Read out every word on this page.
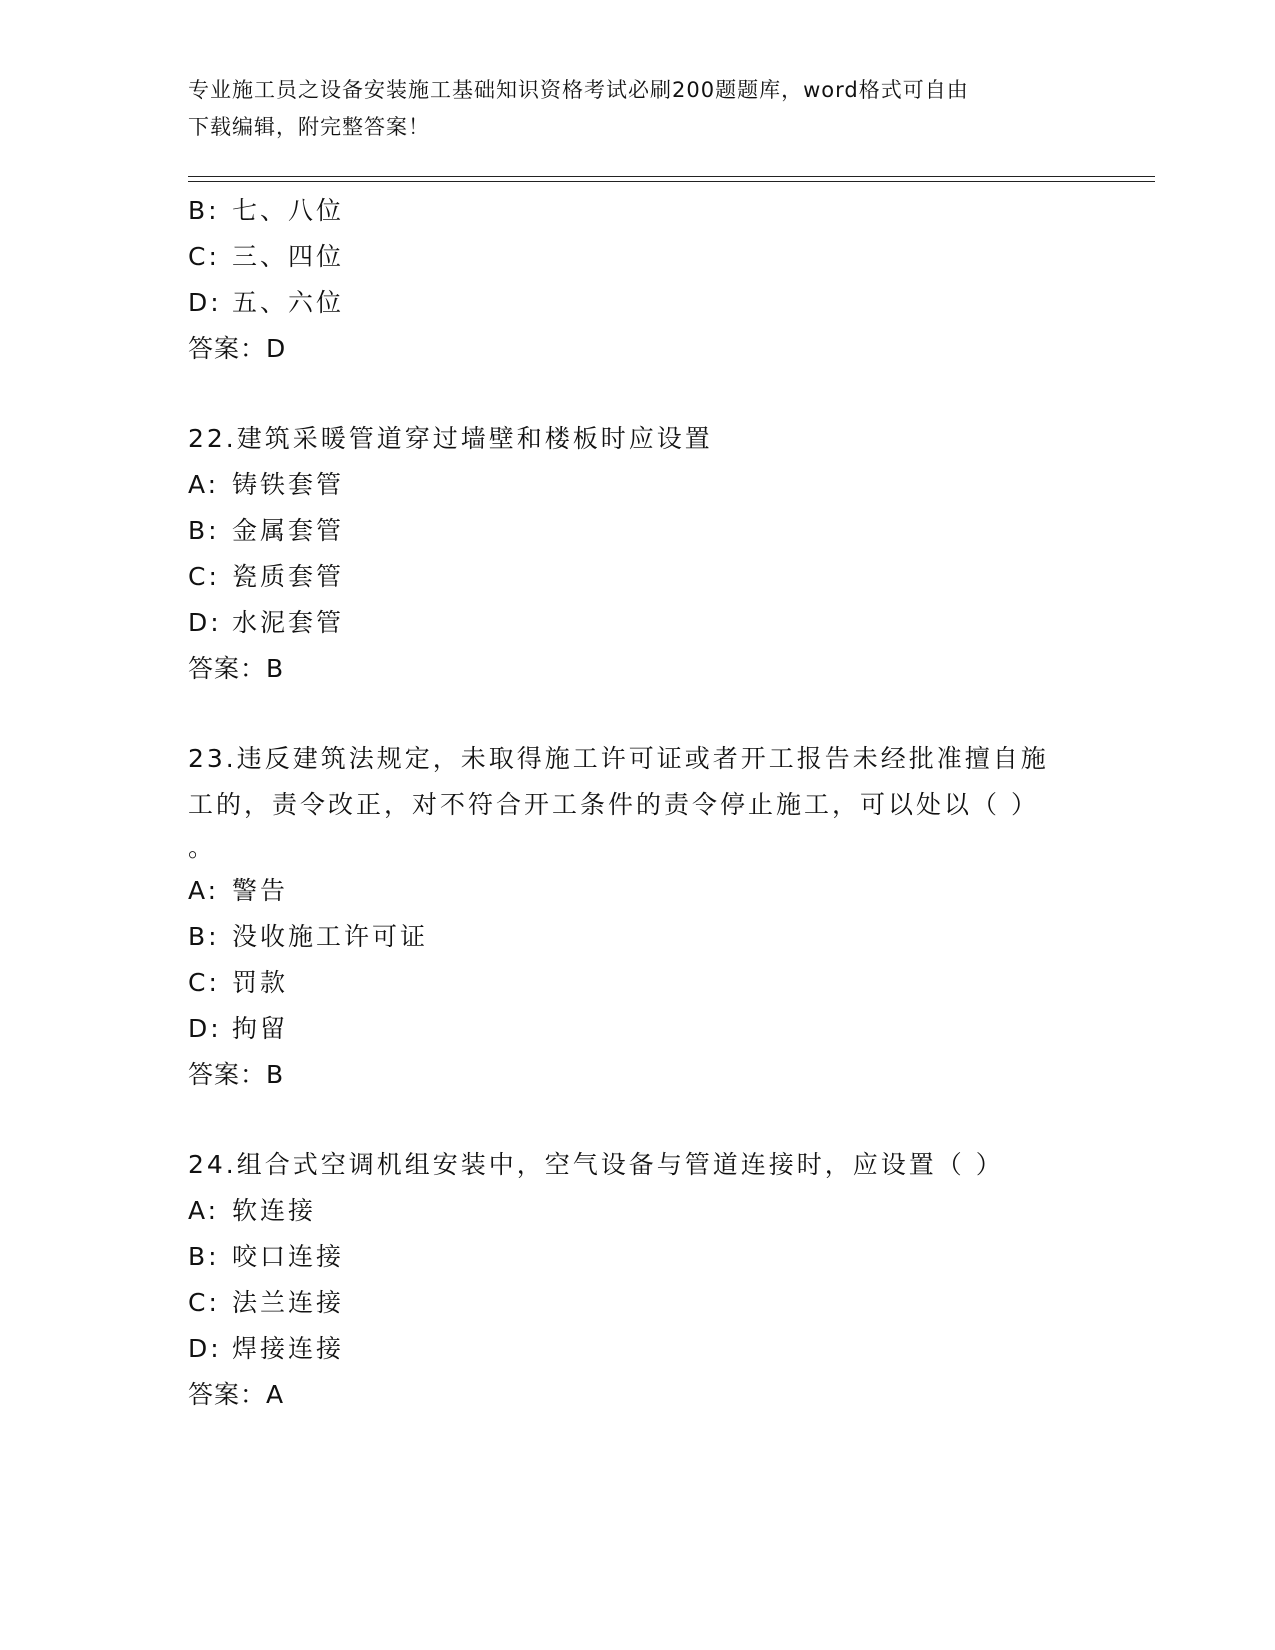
专业施工员之设备安装施工基础知识资格考试必刷200题题库，word格式可自由
下载编辑，附完整答案！
B: 七、八位
C: 三、四位
D: 五、六位
答案：D
22.建筑采暖管道穿过墙壁和楼板时应设置
A: 铸铁套管
B: 金属套管
C: 瓷质套管
D: 水泥套管
答案：B
23.违反建筑法规定，未取得施工许可证或者开工报告未经批准擅自施
工的，责令改正，对不符合开工条件的责令停止施工，可以处以（ ）
。
A: 警告
B: 没收施工许可证
C: 罚款
D: 拘留
答案：B
24.组合式空调机组安装中，空气设备与管道连接时，应设置（ ）
A: 软连接
B: 咬口连接
C: 法兰连接
D: 焊接连接
答案：A
